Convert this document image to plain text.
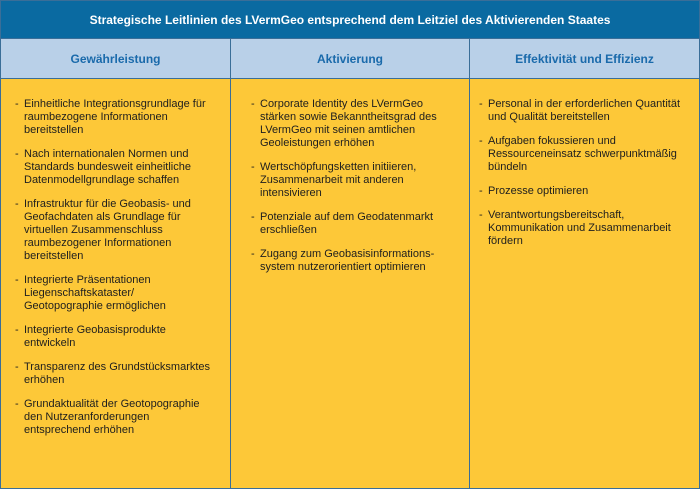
Strategische Leitlinien des LVermGeo entsprechend dem Leitziel des Aktivierenden Staates
Gewährleistung	Aktivierung	Effektivität und Effizienz
- Einheitliche Integrationsgrundlage für raumbezogene Informationen bereitstellen
- Nach internationalen Normen und Standards bundesweit einheitliche Datenmodellgrundlage schaffen
- Infrastruktur für die Geobasis- und Geofachdaten als Grundlage für virtuellen Zusammenschluss raumbezogener Informationen bereitstellen
- Integrierte Präsentationen Liegenschaftskataster/ Geotopographie ermöglichen
- Integrierte Geobasisprodukte entwickeln
- Transparenz des Grundstücksmarktes erhöhen
- Grundaktualität der Geotopographie den Nutzeranforderungen entsprechend erhöhen
- Corporate Identity des LVermGeo stärken sowie Bekanntheitsgrad des LVermGeo mit seinen amtlichen Geoleistungen erhöhen
- Wertschöpfungsketten initiieren, Zusammenarbeit mit anderen intensivieren
- Potenziale auf dem Geodatenmarkt erschließen
- Zugang zum Geobasisinformations-system nutzerorientiert optimieren
- Personal in der erforderlichen Quantität und Qualität bereitstellen
- Aufgaben fokussieren und Ressourceneinsatz schwerpunktmäßig bündeln
- Prozesse optimieren
- Verantwortungsbereitschaft, Kommunikation und Zusammenarbeit fördern
